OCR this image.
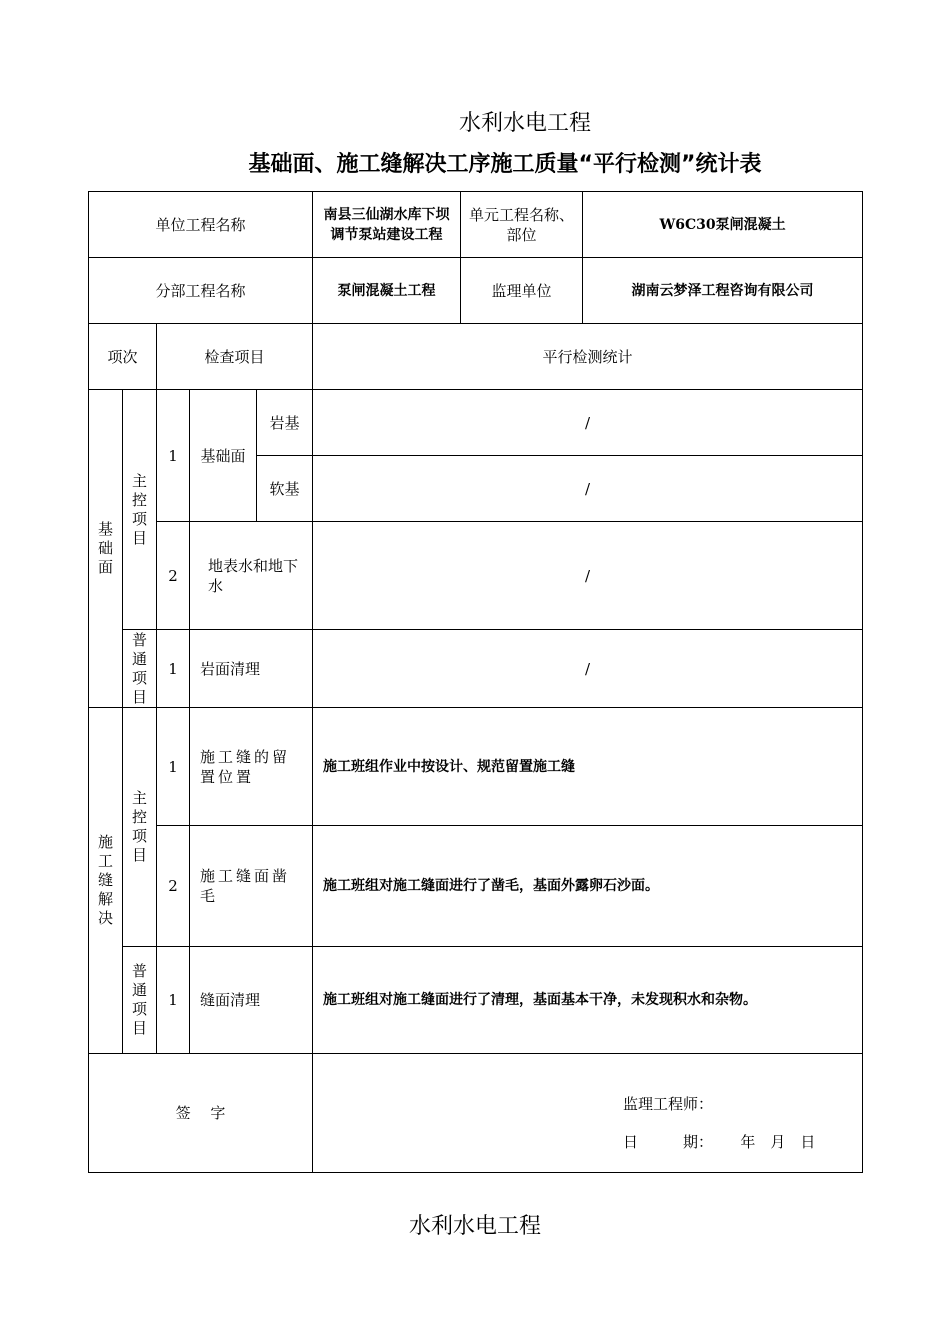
水利水电工程
基础面、施工缝解决工序施工质量“平行检测”统计表
单位工程名称					南县三仙湖水库下坝调节泵站建设工程	单元工程名称、部位	W6C30泵闸混凝土
分部工程名称					泵闸混凝土工程	监理单位	湖南云梦泽工程咨询有限公司
项次		检查项目			平行检测统计		
基础面	主控项目	1	基础面	岩基	/		
				软基	/		
		2	地表水和地下水		/		
	普通项目	1	岩面清理		/		
施工缝解决	主控项目	1	施工缝的留置位置		施工班组作业中按设计、规范留置施工缝		
		2	施工缝面凿毛		施工班组对施工缝面进行了凿毛，基面外露卵石沙面。		
	普通项目	1	缝面清理		施工班组对施工缝面进行了清理，基面基本干净，未发现积水和杂物。		
签　 字					监理工程师：
日　　　期：　　 年　月　日		
水利水电工程
